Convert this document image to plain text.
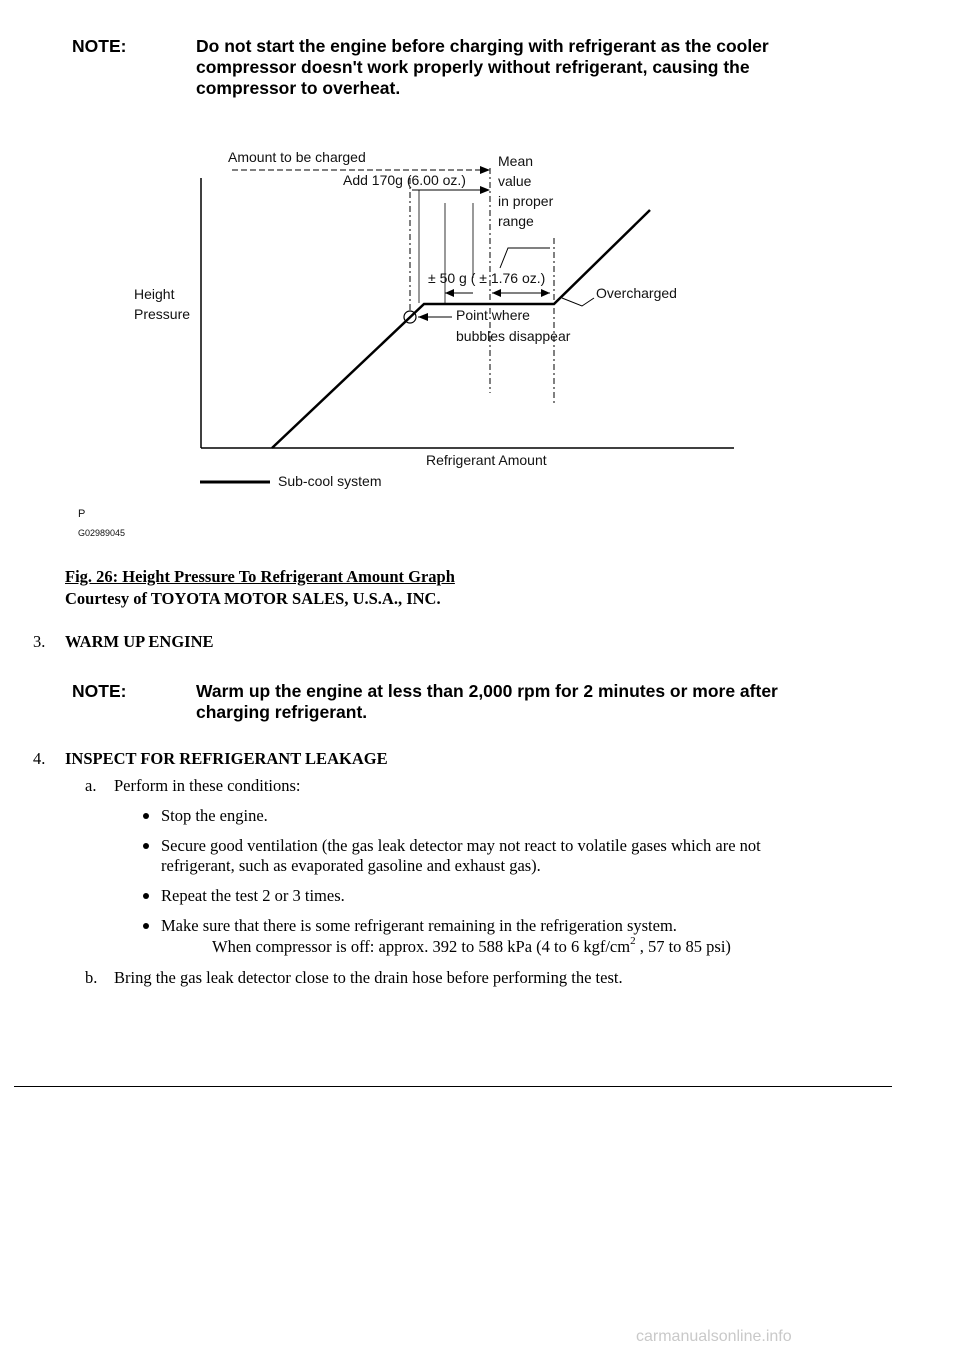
NOTE:	Do not start the engine before charging with refrigerant as the cooler
compressor doesn't work properly without refrigerant, causing the
compressor to overheat.
Amount to be charged
Add 170g (6.00 oz.)
Mean
value
in proper
range
± 50 g ( ± 1.76 oz.)
Overcharged
Point where
bubbles disappear
Height
Pressure
Refrigerant Amount
Sub-cool system
P
G02989045
Fig. 26: Height Pressure To Refrigerant Amount Graph
Courtesy of TOYOTA MOTOR SALES, U.S.A., INC.
3. WARM UP ENGINE
NOTE:	Warm up the engine at less than 2,000 rpm for 2 minutes or more after
charging refrigerant.
4. INSPECT FOR REFRIGERANT LEAKAGE
a. Perform in these conditions:
Stop the engine.
Secure good ventilation (the gas leak detector may not react to volatile gases which are not
refrigerant, such as evaporated gasoline and exhaust gas).
Repeat the test 2 or 3 times.
Make sure that there is some refrigerant remaining in the refrigeration system.
When compressor is off: approx. 392 to 588 kPa (4 to 6 kgf/$cm^2$ , 57 to 85 psi)
b. Bring the gas leak detector close to the drain hose before performing the test.
carmanualsonline.info
